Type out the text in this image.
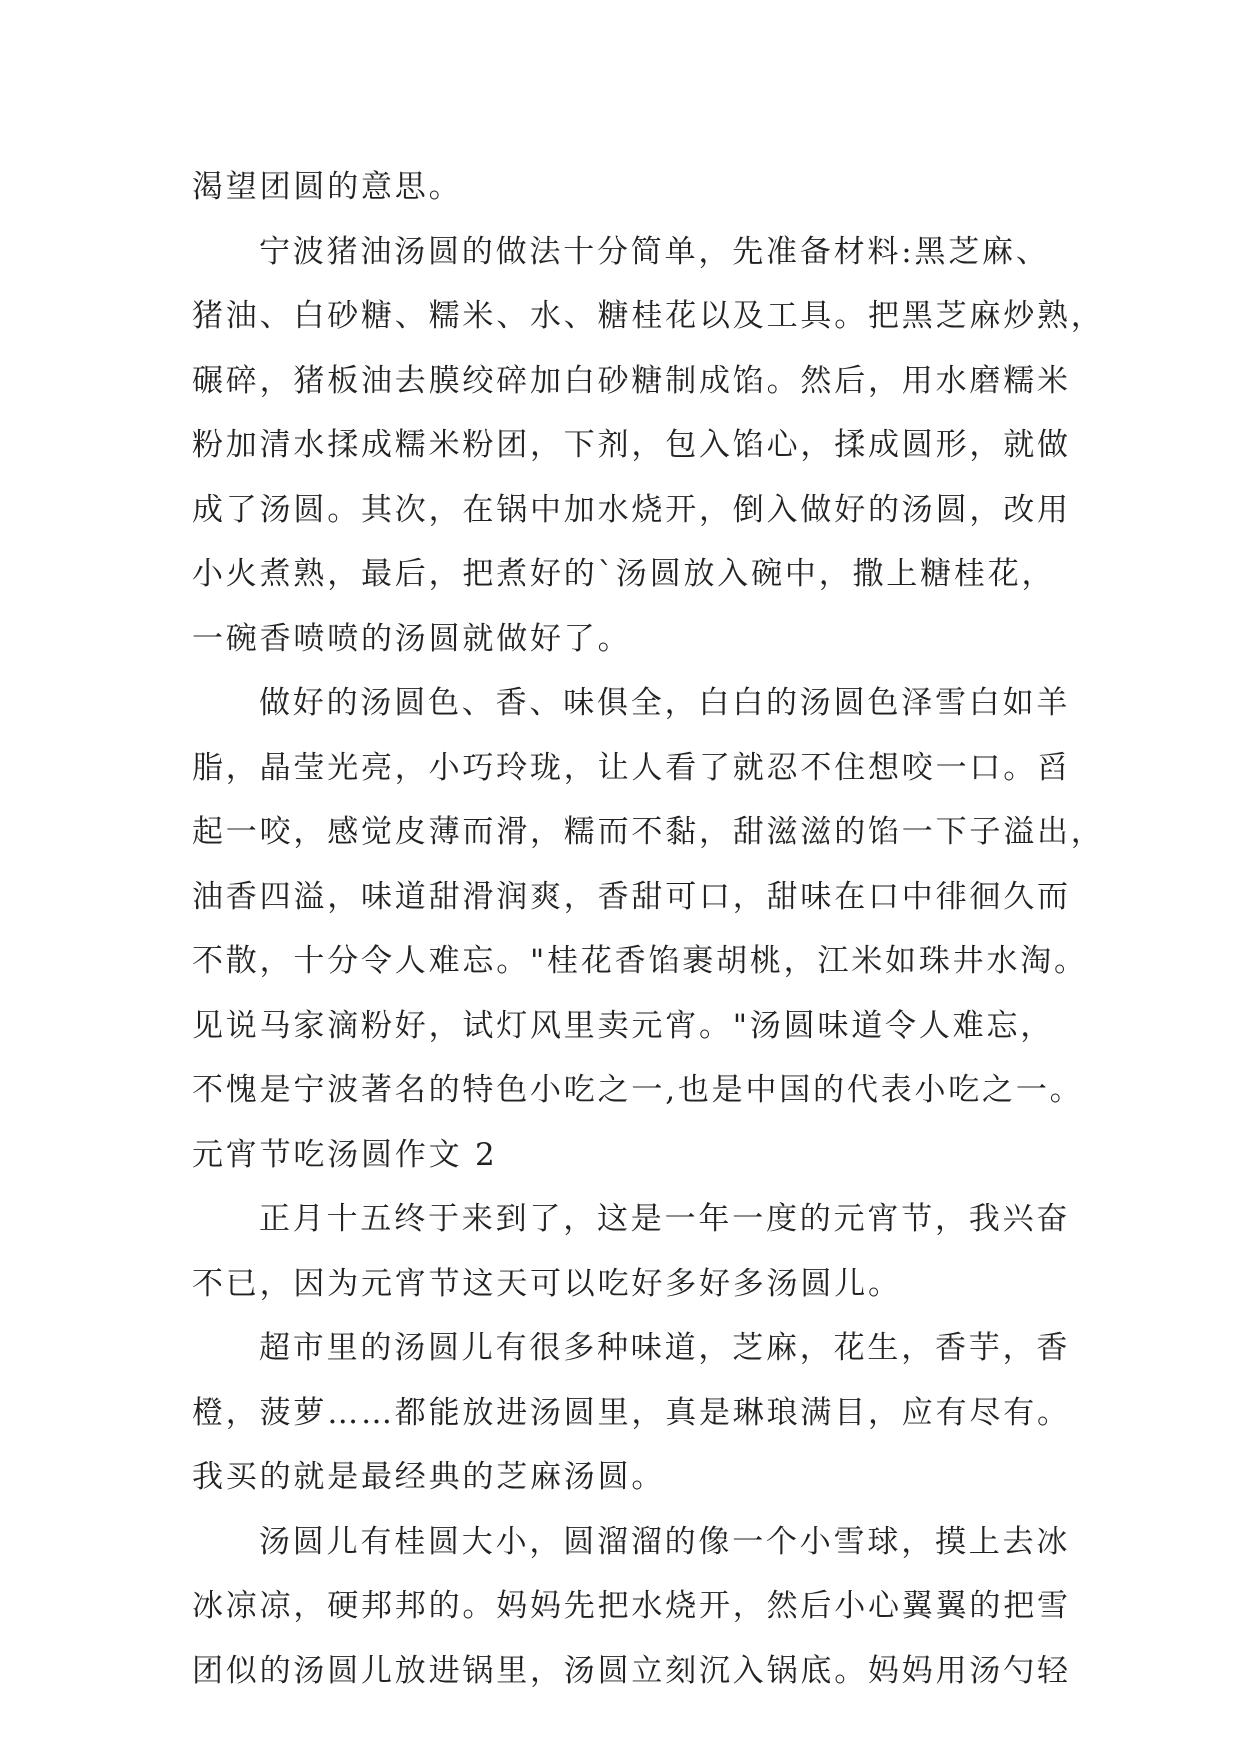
渴望团圆的意思。
宁波猪油汤圆的做法十分简单，先准备材料:黑芝麻、
猪油、白砂糖、糯米、水、糖桂花以及工具。把黑芝麻炒熟，
碾碎，猪板油去膜绞碎加白砂糖制成馅。然后，用水磨糯米
粉加清水揉成糯米粉团，下剂，包入馅心，揉成圆形，就做
成了汤圆。其次，在锅中加水烧开，倒入做好的汤圆，改用
小火煮熟，最后，把煮好的`汤圆放入碗中，撒上糖桂花，
一碗香喷喷的汤圆就做好了。
做好的汤圆色、香、味俱全，白白的汤圆色泽雪白如羊
脂，晶莹光亮，小巧玲珑，让人看了就忍不住想咬一口。舀
起一咬，感觉皮薄而滑，糯而不黏，甜滋滋的馅一下子溢出，
油香四溢，味道甜滑润爽，香甜可口，甜味在口中徘徊久而
不散，十分令人难忘。"桂花香馅裹胡桃，江米如珠井水淘。
见说马家滴粉好，试灯风里卖元宵。"汤圆味道令人难忘，
不愧是宁波著名的特色小吃之一,也是中国的代表小吃之一。
元宵节吃汤圆作文 2
正月十五终于来到了，这是一年一度的元宵节，我兴奋
不已，因为元宵节这天可以吃好多好多汤圆儿。
超市里的汤圆儿有很多种味道，芝麻，花生，香芋，香
橙，菠萝……都能放进汤圆里，真是琳琅满目，应有尽有。
我买的就是最经典的芝麻汤圆。
汤圆儿有桂圆大小，圆溜溜的像一个小雪球，摸上去冰
冰凉凉，硬邦邦的。妈妈先把水烧开，然后小心翼翼的把雪
团似的汤圆儿放进锅里，汤圆立刻沉入锅底。妈妈用汤勺轻
